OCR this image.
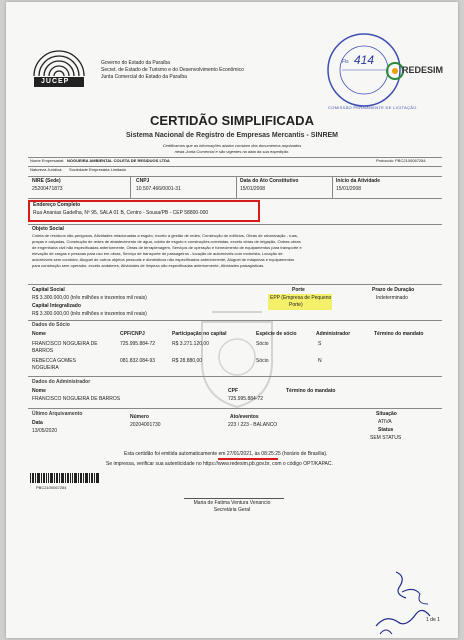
JUCEP
Governo do Estado da Paraíba
Secret. de Estado de Turismo e do Desenvolvimento Econômico
Junta Comercial do Estado da Paraíba
Fls 414
COMISSÃO PERMANENTE DE LICITAÇÃO
REDESIM
CERTIDÃO SIMPLIFICADA
Sistema Nacional de Registro de Empresas Mercantis - SINREM
Certificamos que as informações abaixo constam dos documentos arquivados
nesta Junta Comercial e são vigentes na data da sua expedição.
Nome Empresarial: NOGUEIRA AMBIENTAL COLETA DE RESIDUOS LTDA	Protocolo: PBC2100067284
Natureza Jurídica: Sociedade Empresária Limitada
NIRE (Sede)
25200471873
CNPJ
10.507.466/0001-31
Data do Ato Constitutivo
15/01/2008
Início da Atividade
15/01/2008
Endereço Completo
Rua Ananias Gadelha, Nº 95, SALA 01 B, Centro - Sousa/PB - CEP 58800-000
Objeto Social
Coleta de resíduos não-perigosos, Atividades relacionadas a esgoto, exceto a gestão de redes, Construção de edifícios, Obras de urbanização - ruas,
praças e calçadas, Construção de redes de abastecimento de água, coleta de esgoto e construções correlatas, exceto obras de irrigação, Outras obras
de engenharia civil não especificadas anteriormente, Obras de terraplenagem, Serviços de operação e fornecimento de equipamentos para transporte e
elevação de cargas e pessoas para uso em obras, Serviço de transporte de passageiros - locação de automóveis com motorista, Locação de
automóveis sem condutor, Aluguel de outros objetos pessoais e domésticos não especificados anteriormente, Aluguel de máquinas e equipamentos
para construção sem operador, exceto andaimes, Atividades de limpeza não especificadas anteriormente, Atividades paisagísticas.
Capital Social
R$ 3.300.000,00 (três milhões e trezentos mil reais)
Capital Integralizado
R$ 3.300.000,00 (três milhões e trezentos mil reais)
Porte
EPP (Empresa de Pequeno
Porte)
Prazo de Duração
Indeterminado
Dados do Sócio
Nome	CPF/CNPJ	Participação no capital	Espécie de sócio	Administrador	Término do mandato
FRANCISCO NOGUEIRA DE
BARROS
725.995.884-72	R$ 3.271.120,00	Sócio	S
REBECCA GOMES
NOGUEIRA
081.832.084-93	R$ 28.880,00	Sócio	N
Dados do Administrador
Nome
FRANCISCO NOGUEIRA DE BARROS
CPF
725.995.884-72
Término do mandato
Último Arquivamento
Data
13/05/2020
Número
20204001730
Ato/eventos
223 / 223 - BALANCO
Situação
ATIVA
Status
SEM STATUS
Esta certidão foi emitida automaticamente em 27/01/2021, às 08:25:25 (horário de Brasília).
Se impressa, verificar sua autenticidade no https://www.redesim.pb.gov.br, com o código OPT/KAPAC.
PBC2100067284
Maria de Fatima Ventura Venancio
Secretária Geral
1 de 1
